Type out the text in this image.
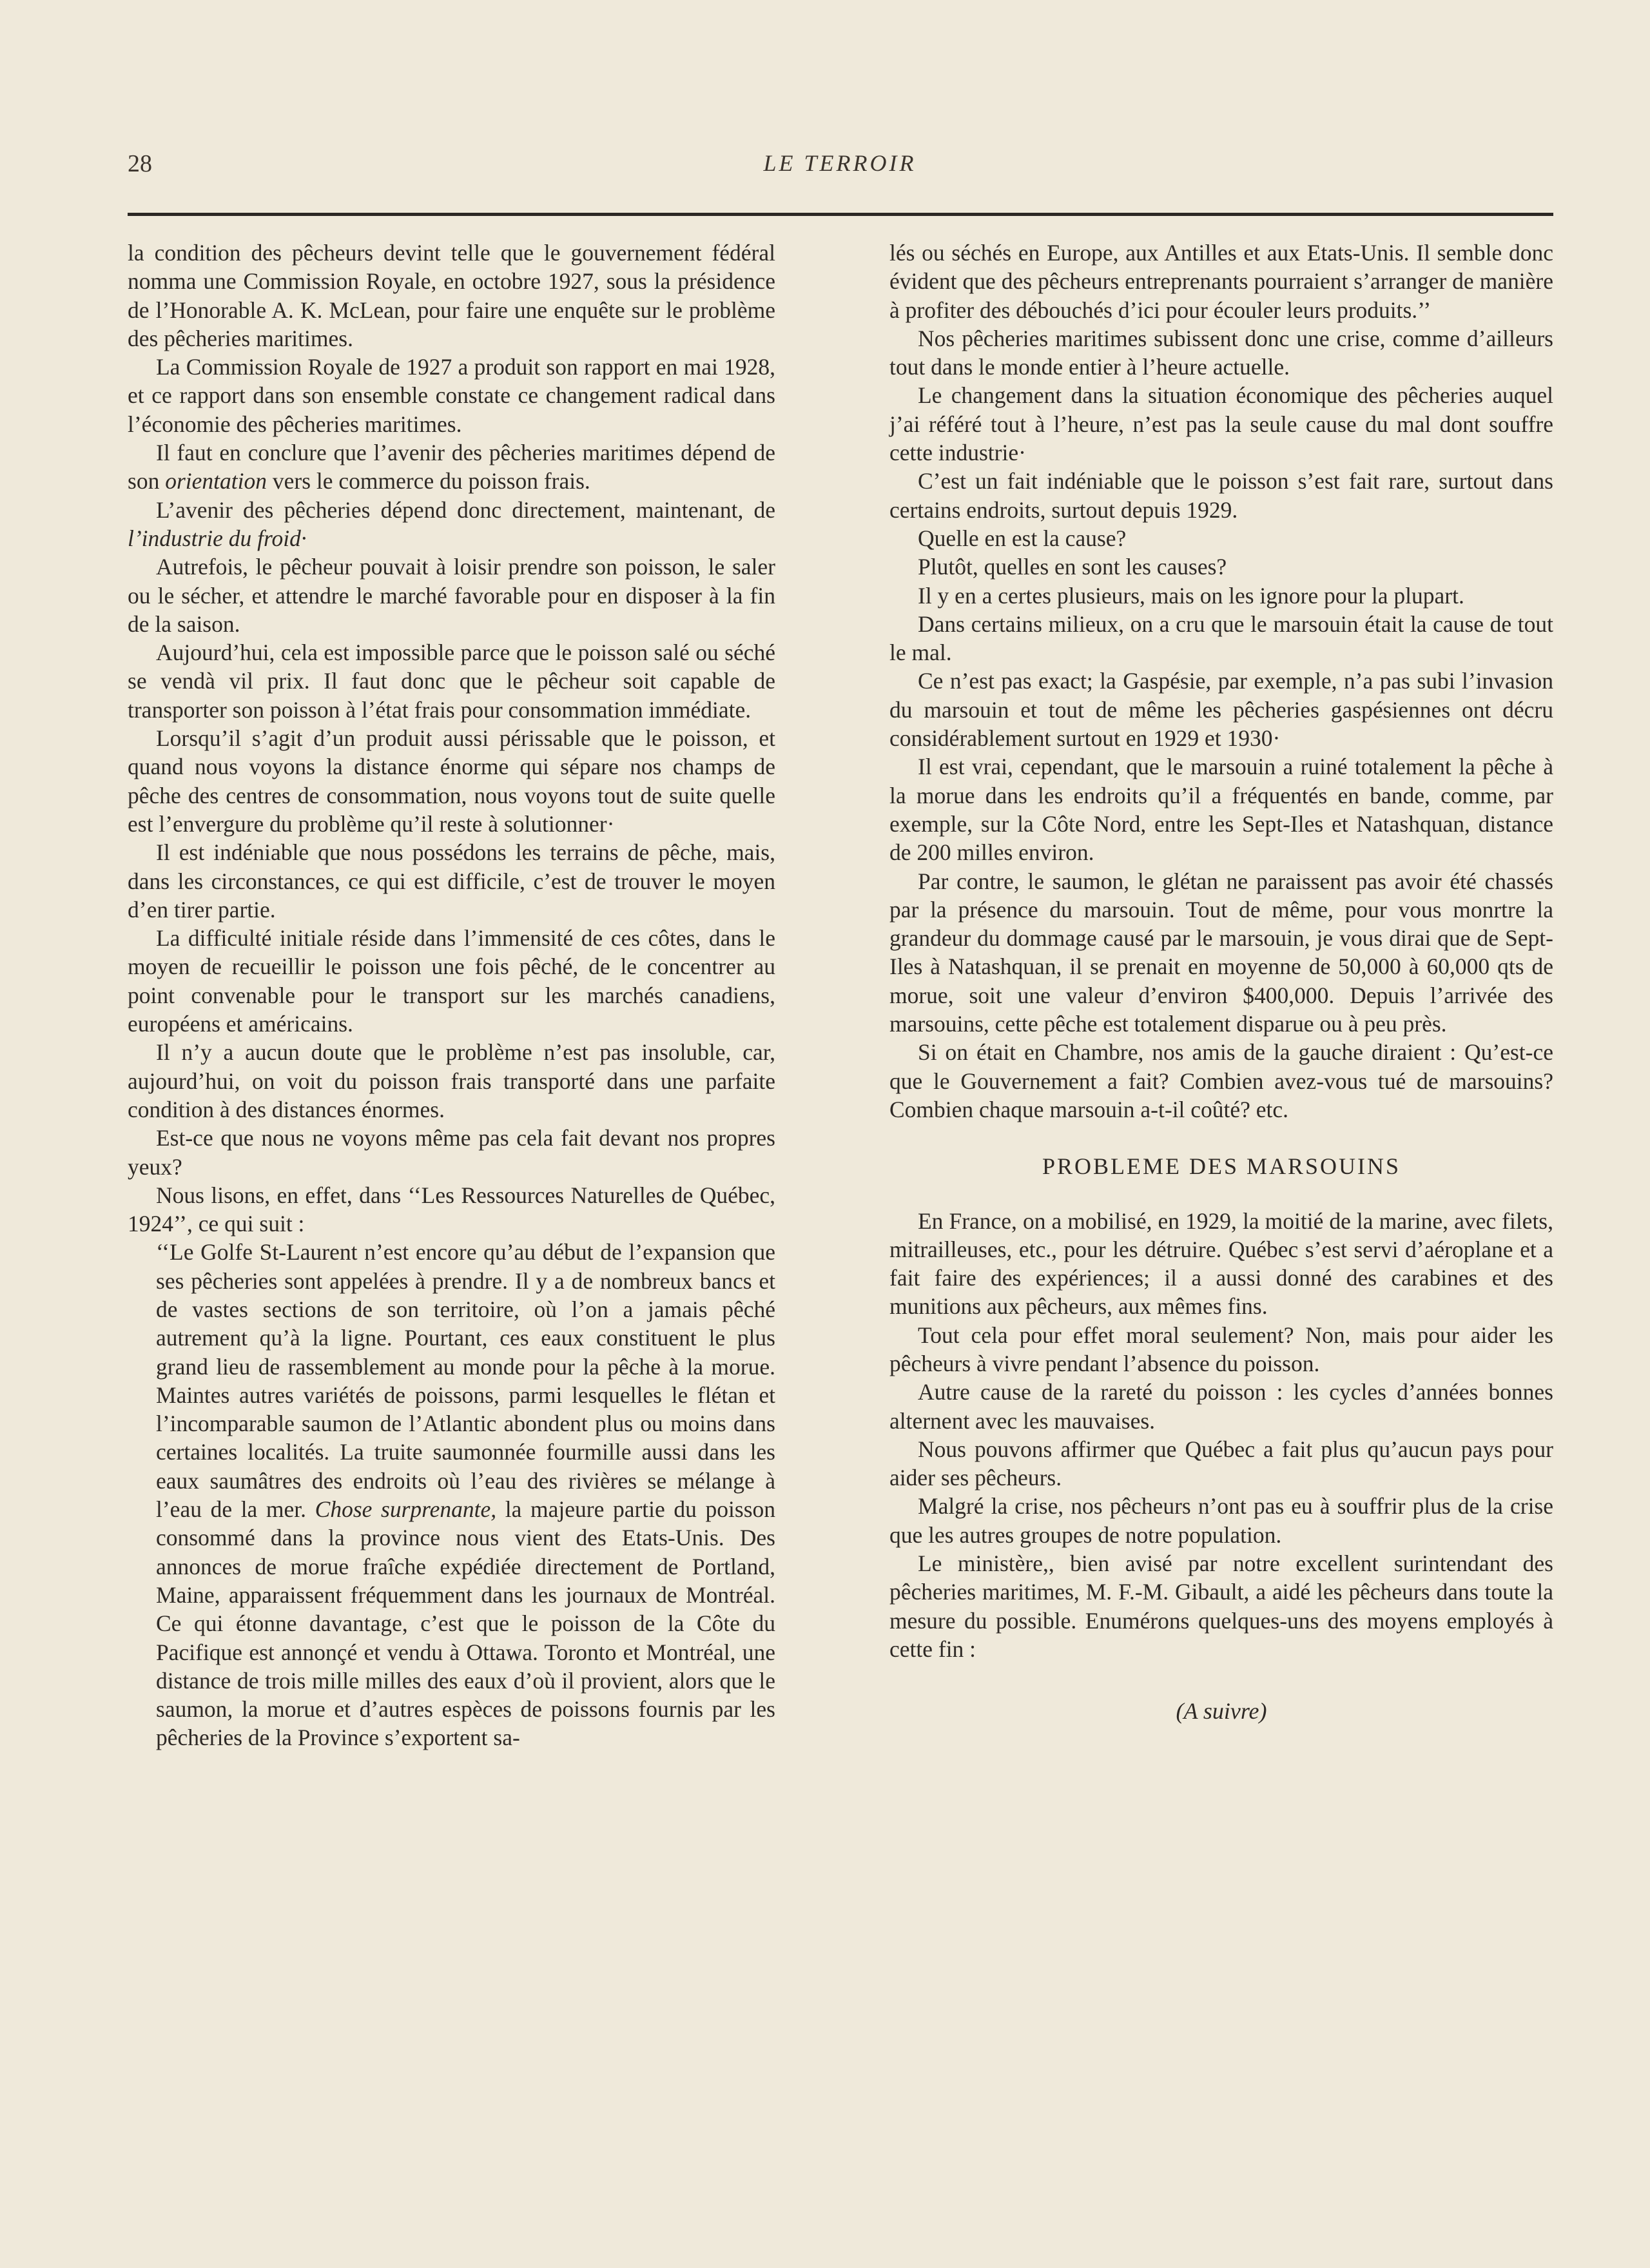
28	LE TERROIR

la condition des pêcheurs devint telle que le gouvernement fédéral nomma une Commission Royale, en octobre 1927, sous la présidence de l’Honorable A. K. McLean, pour faire une enquête sur le problème des pêcheries maritimes.

La Commission Royale de 1927 a produit son rapport en mai 1928, et ce rapport dans son ensemble constate ce changement radical dans l’économie des pêcheries maritimes.

Il faut en conclure que l’avenir des pêcheries maritimes dépend de son orientation vers le commerce du poisson frais.

L’avenir des pêcheries dépend donc directement, maintenant, de l’industrie du froid·

Autrefois, le pêcheur pouvait à loisir prendre son poisson, le saler ou le sécher, et attendre le marché favorable pour en disposer à la fin de la saison.

Aujourd’hui, cela est impossible parce que le poisson salé ou séché se vendà vil prix. Il faut donc que le pêcheur soit capable de transporter son poisson à l’état frais pour consommation immédiate.

Lorsqu’il s’agit d’un produit aussi périssable que le poisson, et quand nous voyons la distance énorme qui sépare nos champs de pêche des centres de consommation, nous voyons tout de suite quelle est l’envergure du problème qu’il reste à solutionner·

Il est indéniable que nous possédons les terrains de pêche, mais, dans les circonstances, ce qui est difficile, c’est de trouver le moyen d’en tirer partie.

La difficulté initiale réside dans l’immensité de ces côtes, dans le moyen de recueillir le poisson une fois pêché, de le concentrer au point convenable pour le transport sur les marchés canadiens, européens et américains.

Il n’y a aucun doute que le problème n’est pas insoluble, car, aujourd’hui, on voit du poisson frais transporté dans une parfaite condition à des distances énormes.

Est-ce que nous ne voyons même pas cela fait devant nos propres yeux?

Nous lisons, en effet, dans ‘‘Les Ressources Naturelles de Québec, 1924’’, ce qui suit :

‘‘Le Golfe St-Laurent n’est encore qu’au début de l’expansion que ses pêcheries sont appelées à prendre. Il y a de nombreux bancs et de vastes sections de son territoire, où l’on a jamais pêché autrement qu’à la ligne. Pourtant, ces eaux constituent le plus grand lieu de rassemblement au monde pour la pêche à la morue. Maintes autres variétés de poissons, parmi lesquelles le flétan et l’incomparable saumon de l’Atlantic abondent plus ou moins dans certaines localités. La truite saumonnée fourmille aussi dans les eaux saumâtres des endroits où l’eau des rivières se mélange à l’eau de la mer. Chose surprenante, la majeure partie du poisson consommé dans la province nous vient des Etats-Unis. Des annonces de morue fraîche expédiée directement de Portland, Maine, apparaissent fréquemment dans les journaux de Montréal. Ce qui étonne davantage, c’est que le poisson de la Côte du Pacifique est annonçé et vendu à Ottawa. Toronto et Montréal, une distance de trois mille milles des eaux d’où il provient, alors que le saumon, la morue et d’autres espèces de poissons fournis par les pêcheries de la Province s’exportent sa-

lés ou séchés en Europe, aux Antilles et aux Etats-Unis. Il semble donc évident que des pêcheurs entreprenants pourraient s’arranger de manière à profiter des débouchés d’ici pour écouler leurs produits.’’

Nos pêcheries maritimes subissent donc une crise, comme d’ailleurs tout dans le monde entier à l’heure actuelle.

Le changement dans la situation économique des pêcheries auquel j’ai référé tout à l’heure, n’est pas la seule cause du mal dont souffre cette industrie·

C’est un fait indéniable que le poisson s’est fait rare, surtout dans certains endroits, surtout depuis 1929.

Quelle en est la cause?

Plutôt, quelles en sont les causes?

Il y en a certes plusieurs, mais on les ignore pour la plupart.

Dans certains milieux, on a cru que le marsouin était la cause de tout le mal.

Ce n’est pas exact; la Gaspésie, par exemple, n’a pas subi l’invasion du marsouin et tout de même les pêcheries gaspésiennes ont décru considérablement surtout en 1929 et 1930·

Il est vrai, cependant, que le marsouin a ruiné totalement la pêche à la morue dans les endroits qu’il a fréquentés en bande, comme, par exemple, sur la Côte Nord, entre les Sept-Iles et Natashquan, distance de 200 milles environ.

Par contre, le saumon, le glétan ne paraissent pas avoir été chassés par la présence du marsouin. Tout de même, pour vous monrtre la grandeur du dommage causé par le marsouin, je vous dirai que de Sept-Iles à Natashquan, il se prenait en moyenne de 50,000 à 60,000 qts de morue, soit une valeur d’environ $400,000. Depuis l’arrivée des marsouins, cette pêche est totalement disparue ou à peu près.

Si on était en Chambre, nos amis de la gauche diraient : Qu’est-ce que le Gouvernement a fait? Combien avez-vous tué de marsouins? Combien chaque marsouin a-t-il coûté? etc.

PROBLEME DES MARSOUINS

En France, on a mobilisé, en 1929, la moitié de la marine, avec filets, mitrailleuses, etc., pour les détruire. Québec s’est servi d’aéroplane et a fait faire des expériences; il a aussi donné des carabines et des munitions aux pêcheurs, aux mêmes fins.

Tout cela pour effet moral seulement? Non, mais pour aider les pêcheurs à vivre pendant l’absence du poisson.

Autre cause de la rareté du poisson : les cycles d’années bonnes alternent avec les mauvaises.

Nous pouvons affirmer que Québec a fait plus qu’aucun pays pour aider ses pêcheurs.

Malgré la crise, nos pêcheurs n’ont pas eu à souffrir plus de la crise que les autres groupes de notre population.

Le ministère,, bien avisé par notre excellent surintendant des pêcheries maritimes, M. F.-M. Gibault, a aidé les pêcheurs dans toute la mesure du possible. Enumérons quelques-uns des moyens employés à cette fin :

(A suivre)
